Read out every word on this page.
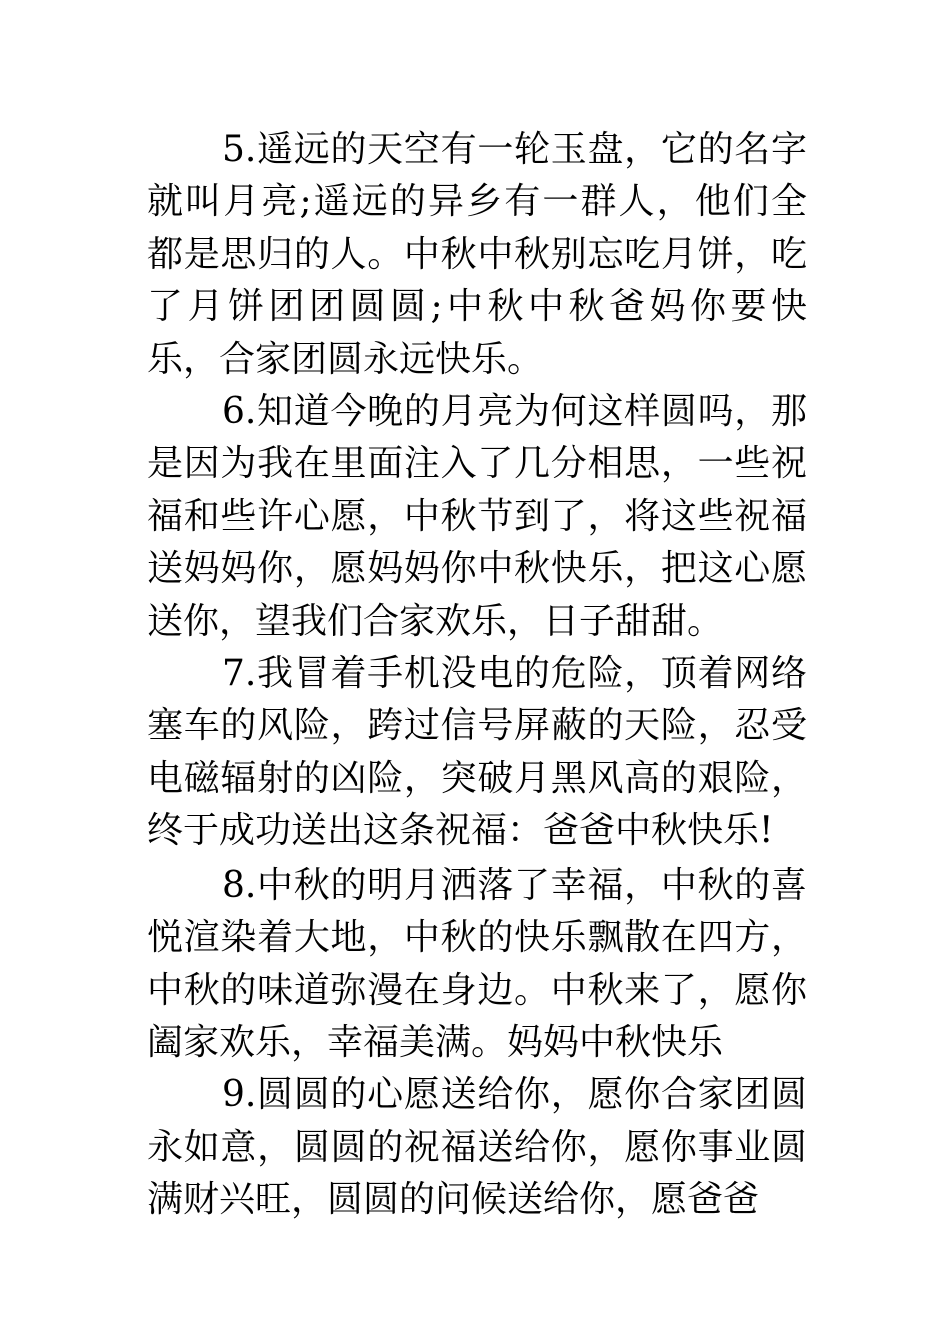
5.遥远的天空有一轮玉盘，它的名字就叫月亮;遥远的异乡有一群人，他们全都是思归的人。中秋中秋别忘吃月饼，吃了月饼团团圆圆;中秋中秋爸妈你要快乐，合家团圆永远快乐。

6.知道今晚的月亮为何这样圆吗，那是因为我在里面注入了几分相思，一些祝福和些许心愿，中秋节到了，将这些祝福送妈妈你，愿妈妈你中秋快乐，把这心愿送你，望我们合家欢乐，日子甜甜。

7.我冒着手机没电的危险，顶着网络塞车的风险，跨过信号屏蔽的天险，忍受电磁辐射的凶险，突破月黑风高的艰险，终于成功送出这条祝福：爸爸中秋快乐!

8.中秋的明月洒落了幸福，中秋的喜悦渲染着大地，中秋的快乐飘散在四方，中秋的味道弥漫在身边。中秋来了，愿你阖家欢乐，幸福美满。妈妈中秋快乐

9.圆圆的心愿送给你，愿你合家团圆永如意，圆圆的祝福送给你，愿你事业圆满财兴旺，圆圆的问候送给你，愿爸爸
